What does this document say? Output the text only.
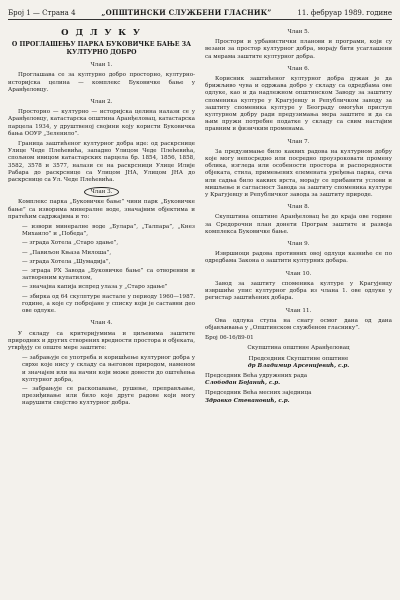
Број 1 — Страна 4	„ОПШТИНСКИ СЛУЖБЕНИ ГЛАСНИК”	11. фебруар 1989. године
О Д Л У К У
О ПРОГЛАШЕЊУ ПАРКА БУКОВИЧКЕ БАЊЕ ЗА КУЛТУРНО ДОБРО
Члан 1.

Проглашава се за културно добро просторно, културно-историјска целина — комплекс Буковичке бање у Аранђеловцу.

Члан 2.

Просторно — културно — историјска целина налази се у Аранђеловцу, катастарска општина Аранђеловац, катастарска парцела 1934, у друштвеној својини коју користи Буковичка бања ООУР „Зеленило”.

Граница заштићеног културног добра иде: од раскрснице Улице Чеде Плећевића, западно Улицом Чеде Плећевића, спољном ивицом катастарских парцела бр. 1854, 1856, 1858, 3582, 3578 и 3577, налази се на раскрсници Улице Илије Рабара до раскрснице са Улицом ЈНА, Улицом ЈНА до раскрснице са Ул. Чеде Плећевића.

Члан 3.

Комплекс парка „Буковичке бање” чини парк „Буковичке бање” са изворима минералне воде, значајним објектима и пратећим садржајима и то:

— извори минералне воде „Булара”, „Талпара”, „Кнез Михаило” и „Победа”,
— зграда Хотела „Старо здање”,
— „Павиљон Књаза Милоша”,
— зграда Хотела „Шумадија”,
— зграда РХ Завода „Буковичке бање” са отвореним и затвореним купатилом,
— значајна капија испред улаза у „Старо здање”
— збирка од 64 скулптуре настале у периоду 1960—1987. године, а које су побројане у списку који је саставни део ове одлуке.
Члан 4.

У складу са критеријумима и циљевима заштите природних и других створених вредности простора и објеката, утврђују се опште мере заштите:

— забрањује се употреба и коришћење културног добра у сврхе које нису у складу са његовом природом, наменом и значајем или на начин који може довести до оштећења културног добра,
— забрањује се раскопавање, рушење, преправљање, презиђивање или било које друге радове који могу нарушити својство културног добра.
Члан 5.

Простори и урбанистички планови и програми, који су везани за простор културног добра, морају бити усаглашени са мерама заштите културног добра.

Члан 6.

Корисник заштићеног културног добра дужан је да брижљиво чува и одржава добро у складу са одредбама ове одлуке, као и да надлежном општинском Заводу за заштиту споменика културе у Крагујевцу и Републичком заводу за заштиту споменика културе у Београду омогући приступ културном добру ради предузимања мера заштите и да са њим пружи потребне податке у складу са свим настајим правним и физичким променама.

Члан 7.

За предузимање било каквих радова на културном добру које могу непосредно или посредно проузроковати промену облика, изгледа или особености простора и распоредности објеката, стила, примењених елемената уређења парка, сеча или садња било каквих врста, морају се прибавити услови и мишљење и сагласност Завода за заштиту споменика културе у Крагујевцу и Републичког завода за заштиту природе.

Члан 8.

Скупштина општине Аранђеловац ће до краја ове године за Средорочни план донети Програм заштите и развоја комплекса Буковичке бање.

Члан 9.

Извршиоци радова противних овој одлуци казниће се по одредбама Закона о заштити културних добара.

Члан 10.

Завод за заштиту споменика културе у Крагујевцу извршиће упис културног добра из члана 1. ове одлуке у регистар заштићених добара.

Члан 11.

Ова одлука ступа на снагу осмог дана од дана објављивања у „Општинском службеном гласнику”.

Број 06-16/89-01

Скупштина општине Аранђеловац
Председник Скупштине општине
др Владимир Арсенијевић, с.р.
Председник Већа удружених рада
Слободан Бојанић, с.р.
Председник Већа месних заједница
Здравко Стевановић, с.р.
